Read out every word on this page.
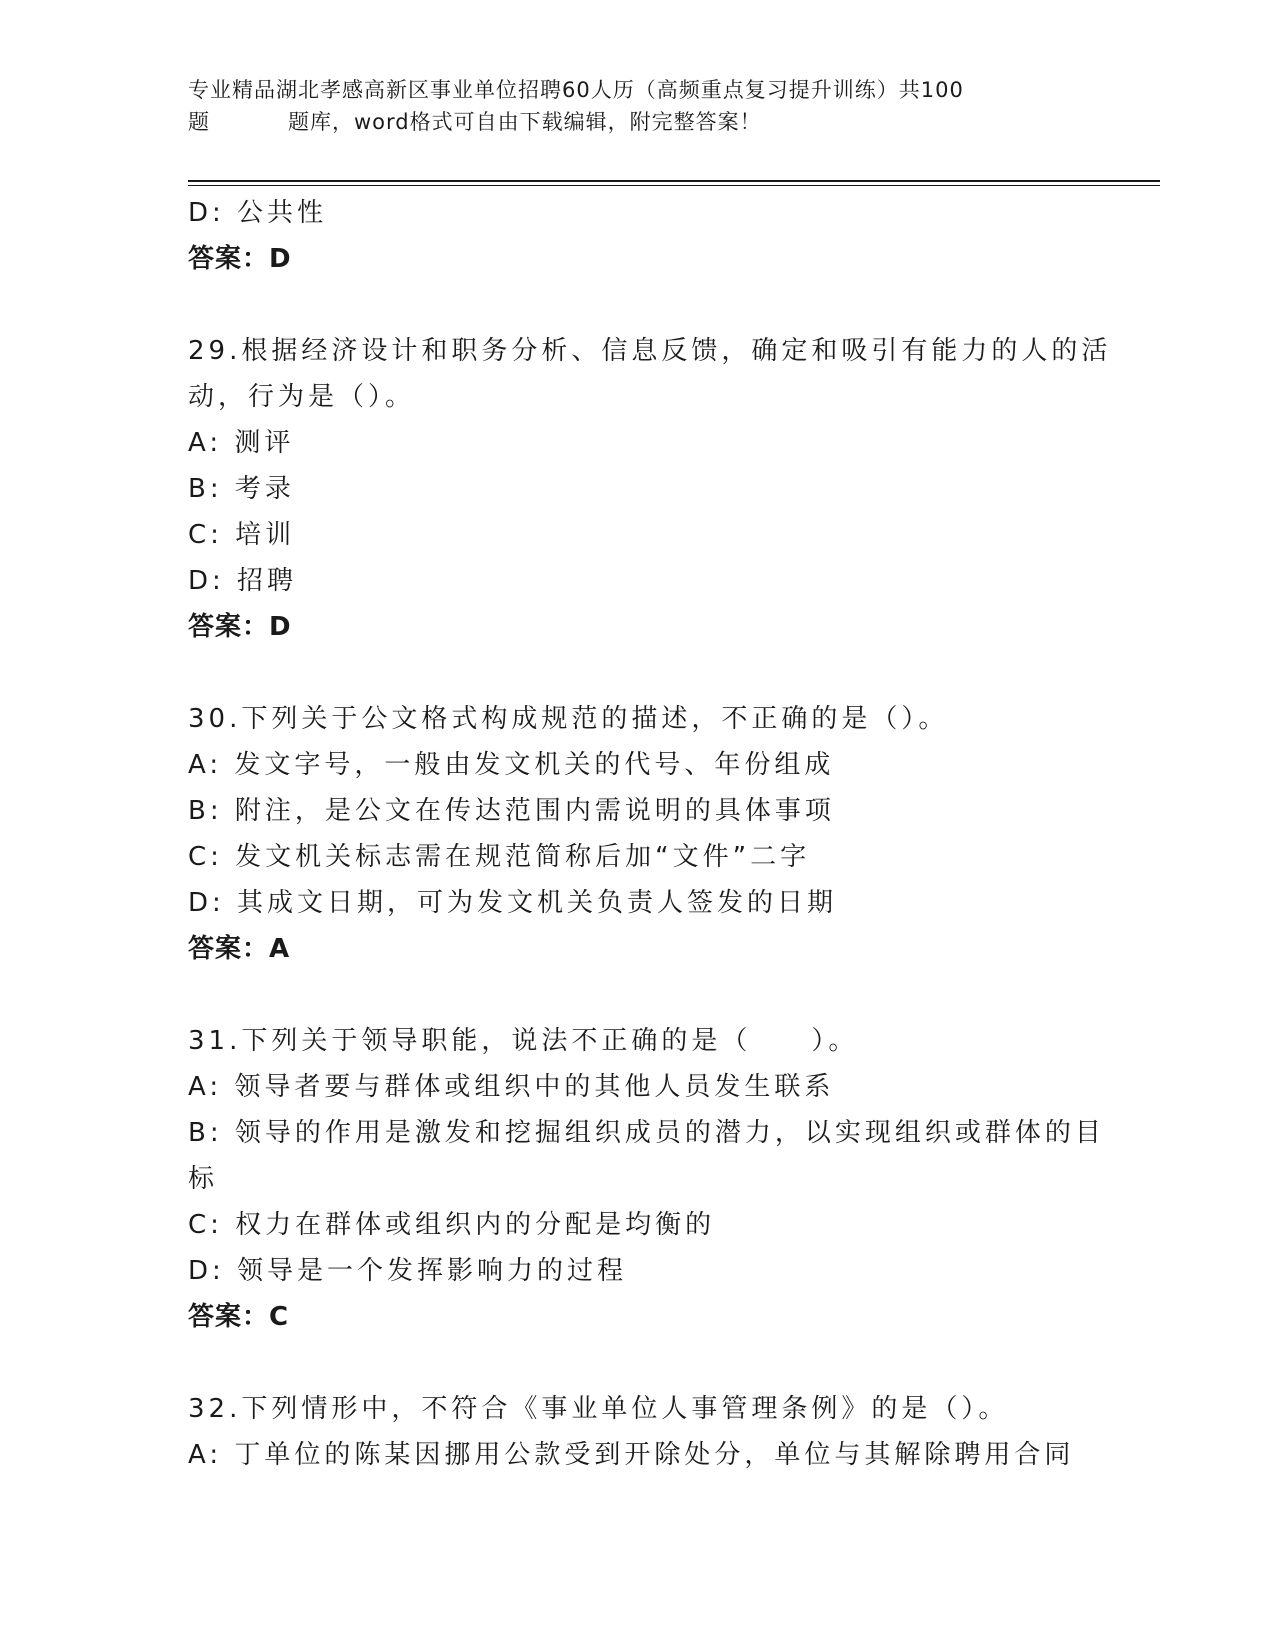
专业精品湖北孝感高新区事业单位招聘60人历（高频重点复习提升训练）共100
题	题库，word格式可自由下载编辑，附完整答案！
D: 公共性
答案：D
29.根据经济设计和职务分析、信息反馈，确定和吸引有能力的人的活
动，行为是（）。
A: 测评
B: 考录
C: 培训
D: 招聘
答案：D
30.下列关于公文格式构成规范的描述，不正确的是（）。
A: 发文字号，一般由发文机关的代号、年份组成
B: 附注，是公文在传达范围内需说明的具体事项
C: 发文机关标志需在规范简称后加“文件”二字
D: 其成文日期，可为发文机关负责人签发的日期
答案：A
31.下列关于领导职能，说法不正确的是（　　）。
A: 领导者要与群体或组织中的其他人员发生联系
B: 领导的作用是激发和挖掘组织成员的潜力，以实现组织或群体的目
标
C: 权力在群体或组织内的分配是均衡的
D: 领导是一个发挥影响力的过程
答案：C
32.下列情形中，不符合《事业单位人事管理条例》的是（）。
A: 丁单位的陈某因挪用公款受到开除处分，单位与其解除聘用合同
